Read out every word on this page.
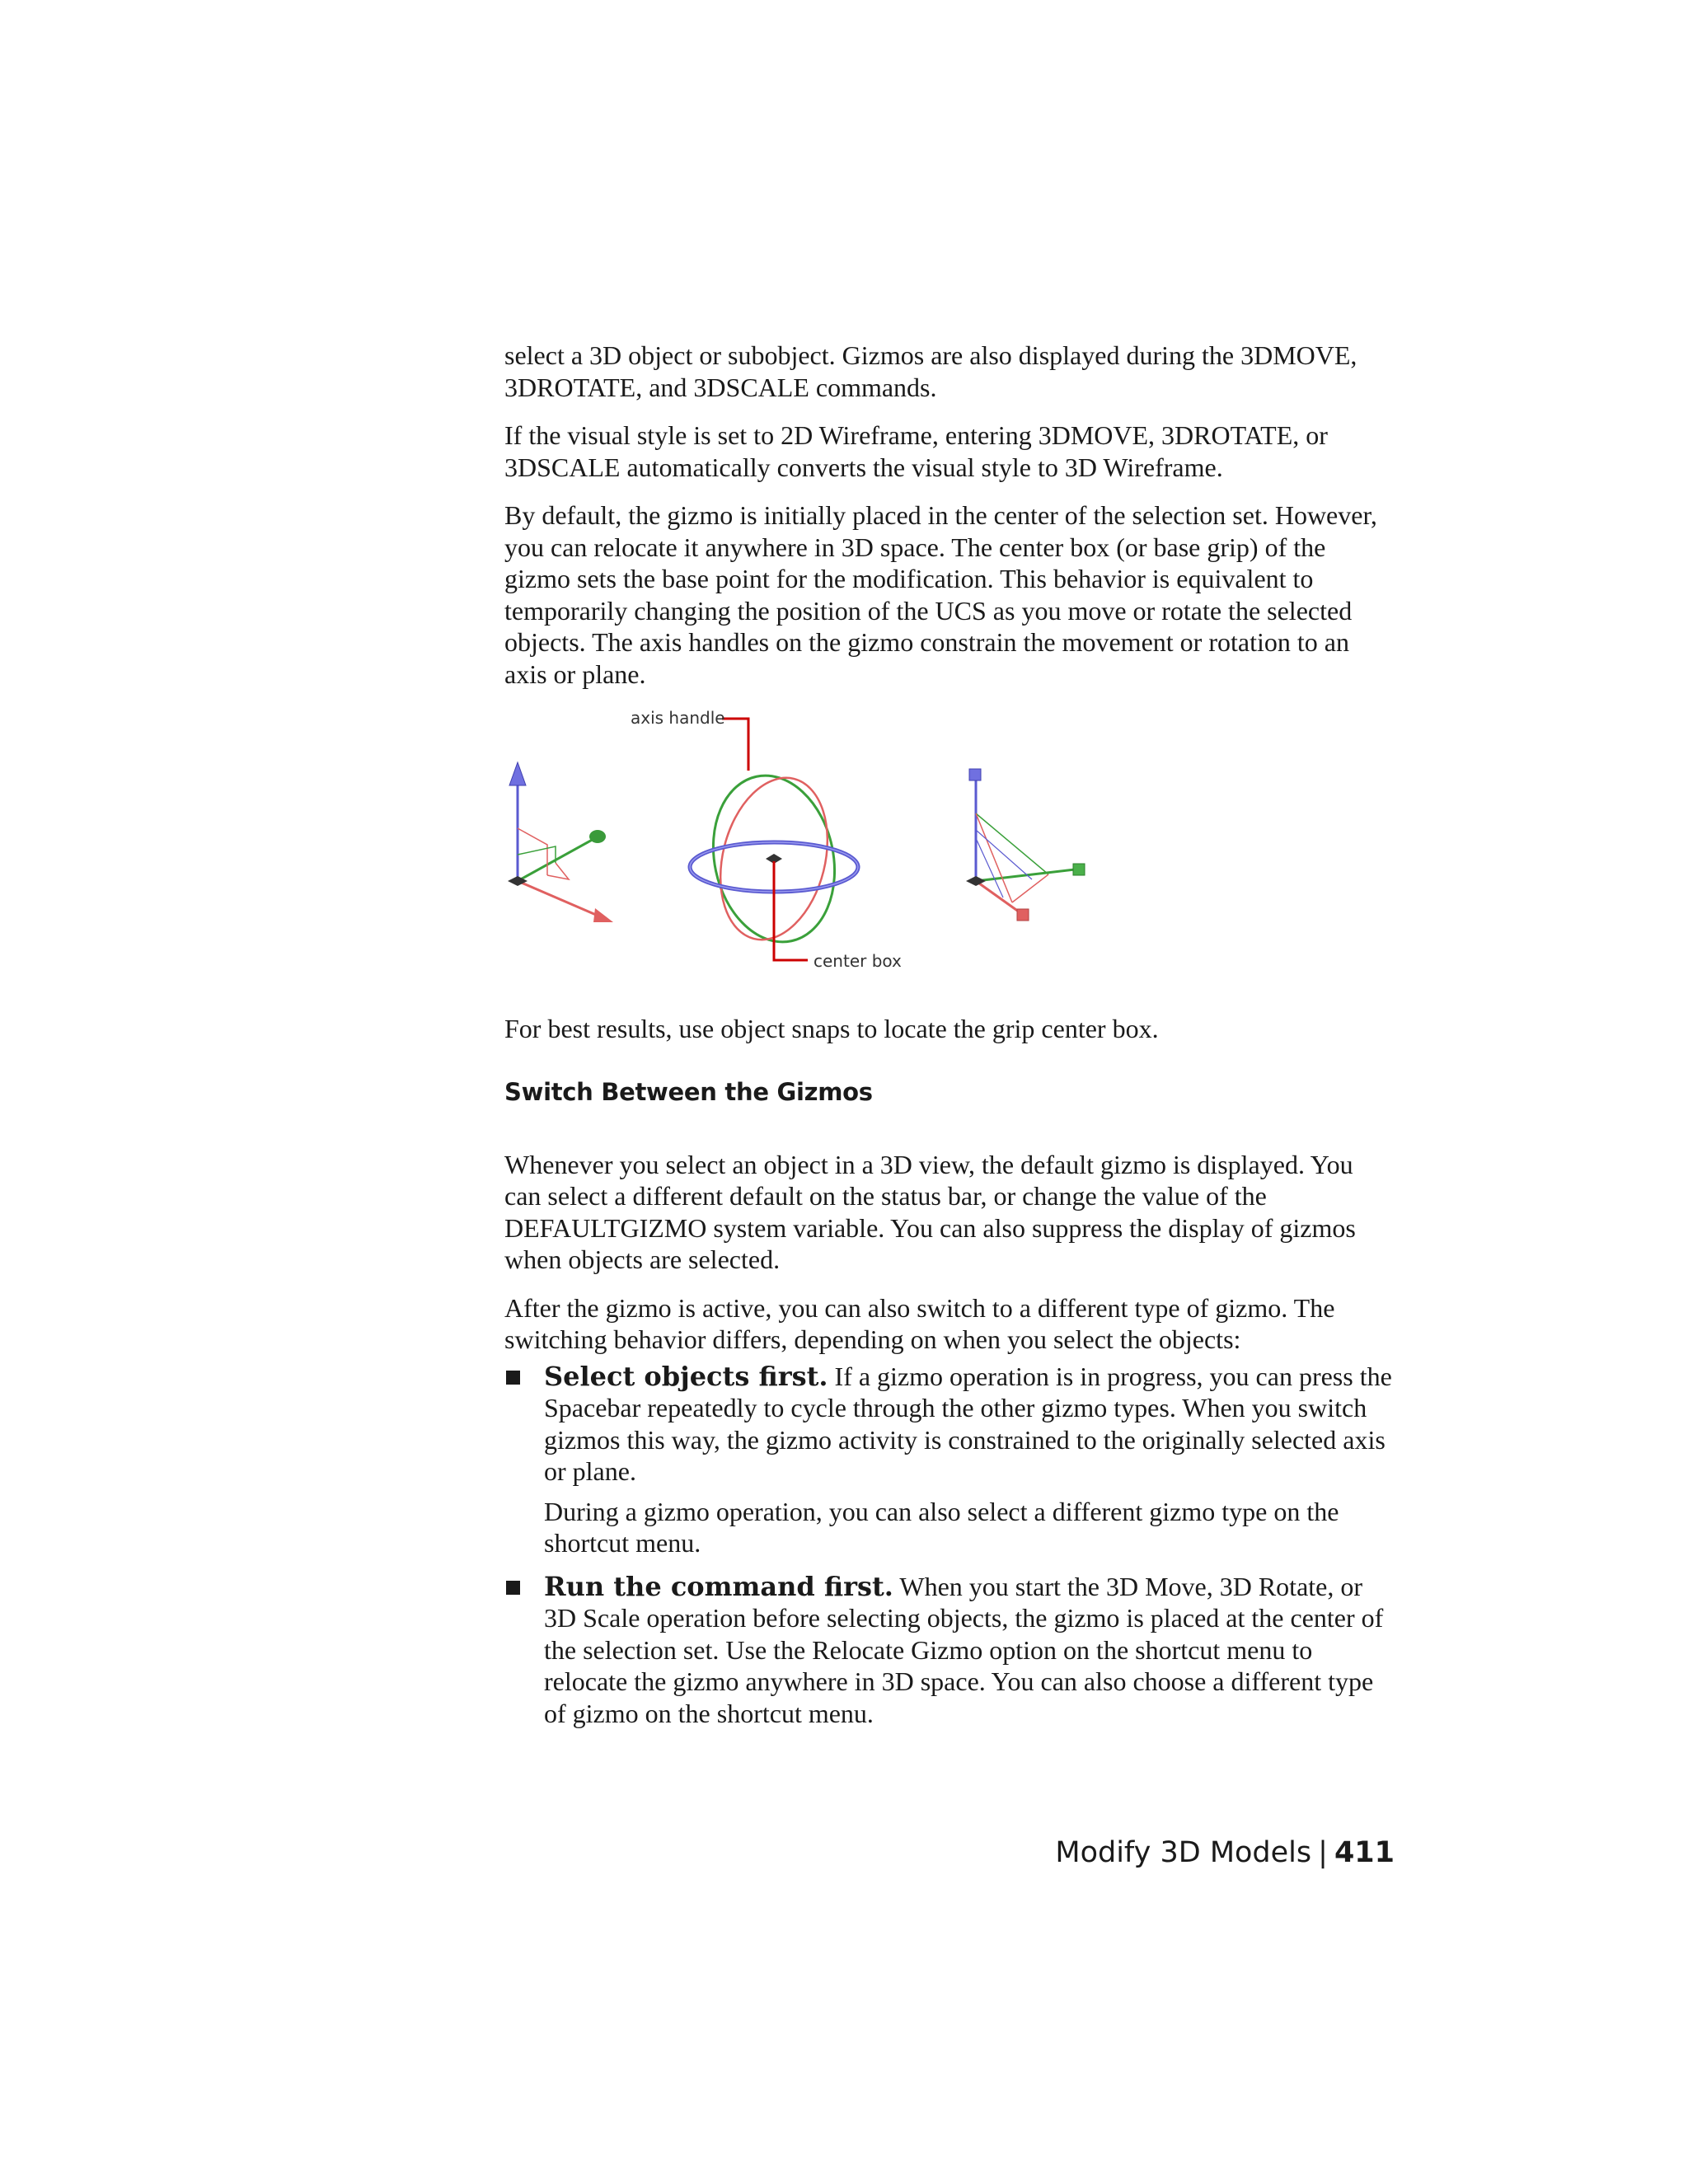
select a 3D object or subobject. Gizmos are also displayed during the 3DMOVE, 3DROTATE, and 3DSCALE commands.

If the visual style is set to 2D Wireframe, entering 3DMOVE, 3DROTATE, or 3DSCALE automatically converts the visual style to 3D Wireframe.

By default, the gizmo is initially placed in the center of the selection set. However, you can relocate it anywhere in 3D space. The center box (or base grip) of the gizmo sets the base point for the modification. This behavior is equivalent to temporarily changing the position of the UCS as you move or rotate the selected objects. The axis handles on the gizmo constrain the movement or rotation to an axis or plane.

axis handle
center box

For best results, use object snaps to locate the grip center box.

Switch Between the Gizmos

Whenever you select an object in a 3D view, the default gizmo is displayed. You can select a different default on the status bar, or change the value of the DEFAULTGIZMO system variable. You can also suppress the display of gizmos when objects are selected.

After the gizmo is active, you can also switch to a different type of gizmo. The switching behavior differs, depending on when you select the objects:

Select objects first. If a gizmo operation is in progress, you can press the Spacebar repeatedly to cycle through the other gizmo types. When you switch gizmos this way, the gizmo activity is constrained to the originally selected axis or plane.

During a gizmo operation, you can also select a different gizmo type on the shortcut menu.

Run the command first. When you start the 3D Move, 3D Rotate, or 3D Scale operation before selecting objects, the gizmo is placed at the center of the selection set. Use the Relocate Gizmo option on the shortcut menu to relocate the gizmo anywhere in 3D space. You can also choose a different type of gizmo on the shortcut menu.
Modify 3D Models | 411
